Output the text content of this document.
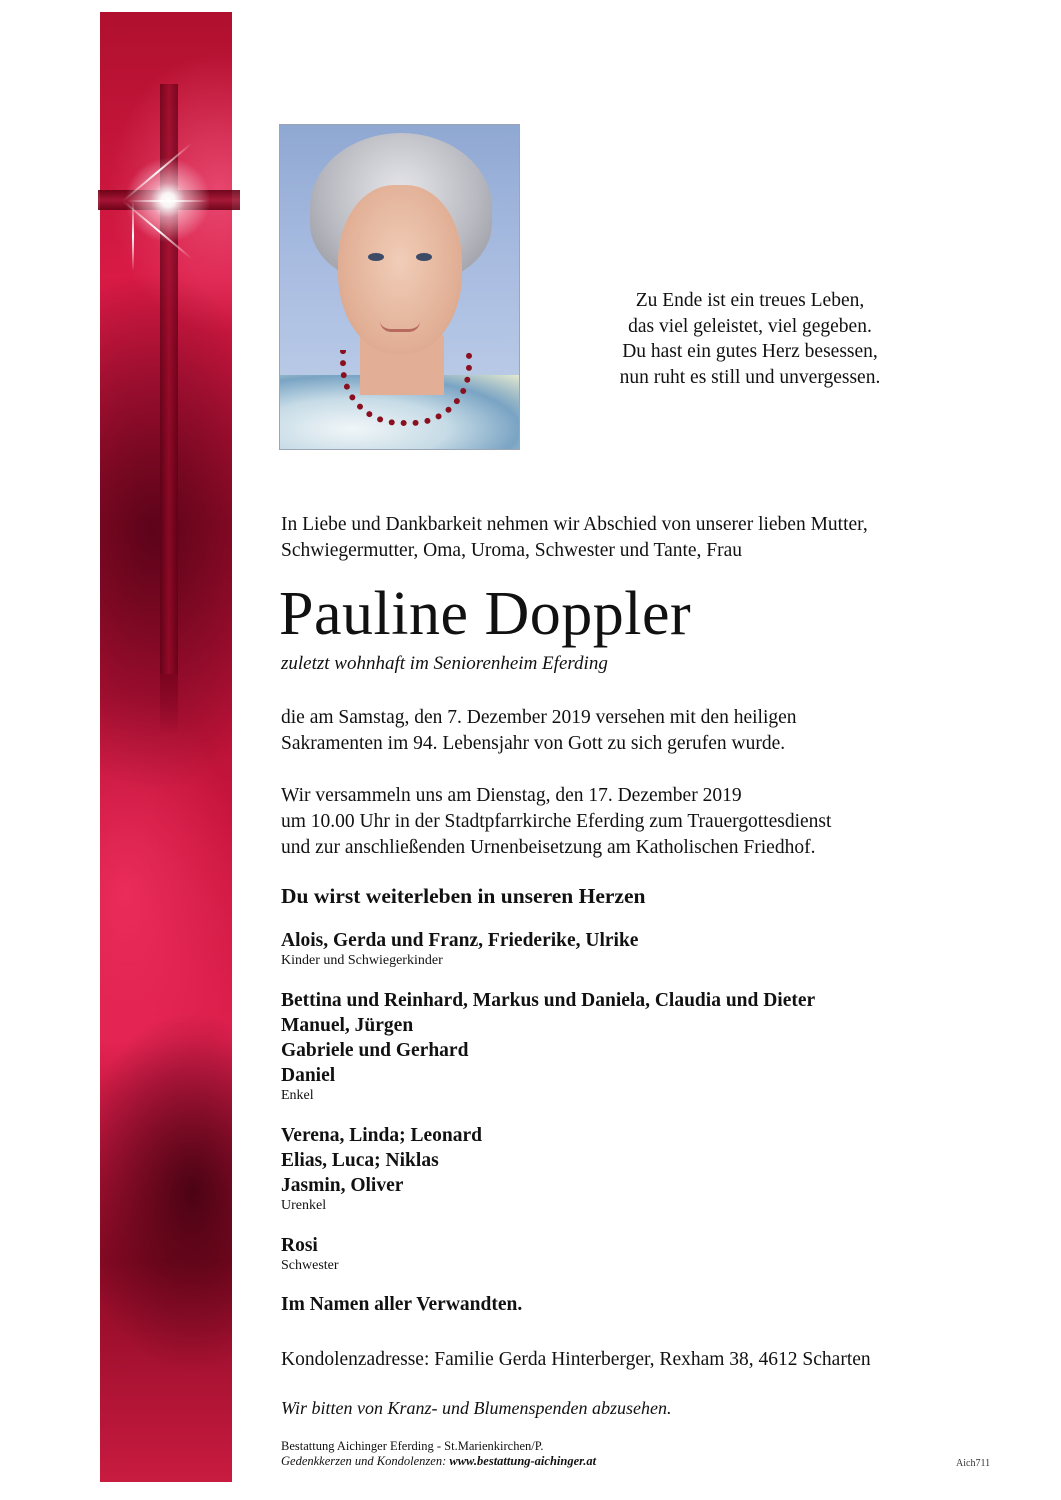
Zu Ende ist ein treues Leben,
das viel geleistet, viel gegeben.
Du hast ein gutes Herz besessen,
nun ruht es still und unvergessen.
In Liebe und Dankbarkeit nehmen wir Abschied von unserer lieben Mutter,
Schwiegermutter, Oma, Uroma, Schwester und Tante, Frau
Pauline Doppler
zuletzt wohnhaft im Seniorenheim Eferding
die am Samstag, den 7. Dezember 2019 versehen mit den heiligen
Sakramenten im 94. Lebensjahr von Gott zu sich gerufen wurde.
Wir versammeln uns am Dienstag, den 17. Dezember 2019
um 10.00 Uhr in der Stadtpfarrkirche Eferding zum Trauergottesdienst
und zur anschließenden Urnenbeisetzung am Katholischen Friedhof.
Du wirst weiterleben in unseren Herzen
Alois, Gerda und Franz, Friederike, Ulrike
Kinder und Schwiegerkinder
Bettina und Reinhard, Markus und Daniela, Claudia und Dieter
Manuel, Jürgen
Gabriele und Gerhard
Daniel
Enkel
Verena, Linda; Leonard
Elias, Luca; Niklas
Jasmin, Oliver
Urenkel
Rosi
Schwester
Im Namen aller Verwandten.
Kondolenzadresse: Familie Gerda Hinterberger, Rexham 38, 4612 Scharten
Wir bitten von Kranz- und Blumenspenden abzusehen.
Bestattung Aichinger Eferding - St.Marienkirchen/P.
Gedenkkerzen und Kondolenzen: www.bestattung-aichinger.at	Aich711
